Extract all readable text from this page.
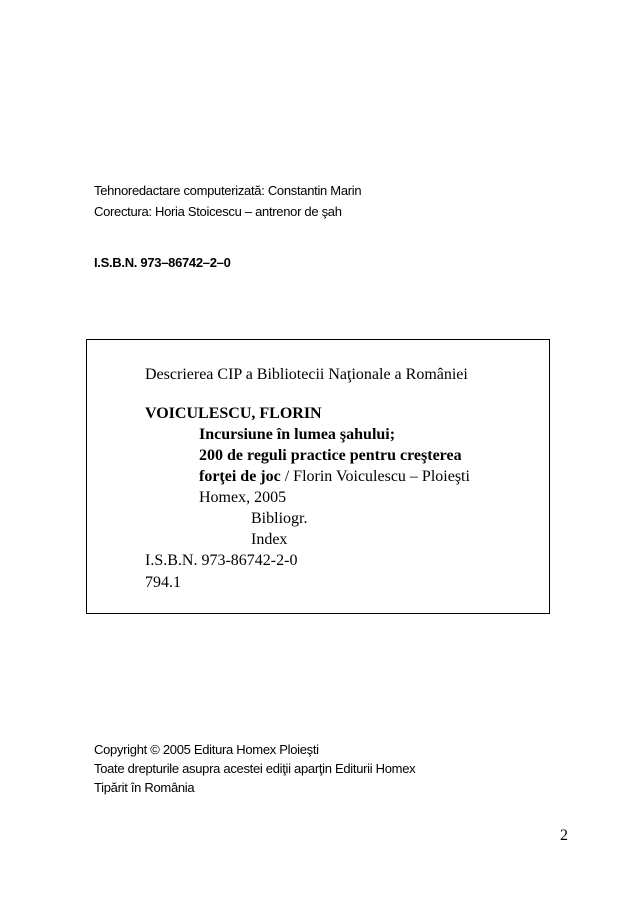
Tehnoredactare computerizată: Constantin Marin
Corectura: Horia Stoicescu – antrenor de şah
I.S.B.N. 973–86742–2–0
Descrierea CIP a Bibliotecii Naţionale a României
VOICULESCU, FLORIN
Incursiune în lumea şahului;
200 de reguli practice pentru creşterea
forţei de joc / Florin Voiculescu – Ploieşti
Homex, 2005
Bibliogr.
Index
I.S.B.N. 973-86742-2-0
794.1
Copyright © 2005 Editura Homex Ploieşti
Toate drepturile asupra acestei ediţii aparţin Editurii Homex
Tipărit în România
2
